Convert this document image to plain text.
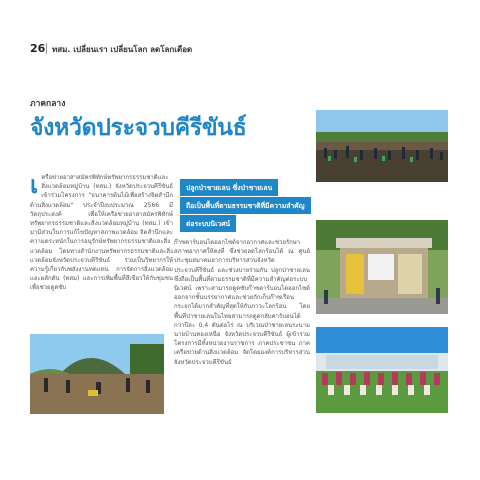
26 ทสม. เปลี่ยนเรา เปลี่ยนโลก ลดโลกเดือด
ภาคกลาง
จังหวัดประจวบคีรีขันธ์
เครือข่ายอาสาสมัครพิทักษ์ทรัพยากรธรรมชาติและสิ่งแวดล้อมหมู่บ้าน (ทสม.) จังหวัดประจวบคีรีขันธ์ เข้าร่วมโครงการ "ธนาคารต้นไม้เพื่อสร้างจิตสำนึกด้านสิ่งแวดล้อม" ประจำปีงบประมาณ 2566 มีวัตถุประสงค์ เพื่อให้เครือข่ายอาสาสมัครพิทักษ์ทรัพยากรธรรมชาติและสิ่งแวดล้อมหมู่บ้าน (ทสม.) เข้ามามีส่วนในการแก้ไขปัญหาสภาพแวดล้อม จิตสำนึกและความตระหนักในการอนุรักษ์ทรัพยากรธรรมชาติและสิ่งแวดล้อม โดยทางสำนักงานทรัพยากรธรรมชาติและสิ่งแวดล้อมจังหวัดประจวบคีรีขันธ์ ร่วมเป็นวิทยากรให้ความรู้เกี่ยวกับพลังงานทดแทน การจัดการสิ่งแวดล้อมและผลักดัน (ทสม) และการเพิ่มพื้นที่สีเขียวให้กับชุมชน เพื่อช่วยดูดซับ
ปลูกป่าชายเลน ซึ่งป่าชายเลน
ถือเป็นพื้นที่ตามธรรมชาติที่มีความสำคัญ
ต่อระบบนิเวศน์
ก๊าซคาร์บอนไดออกไซด์จากอากาศและช่วยรักษาสภาพอากาศให้คงที่ ซึ่งช่วยลดโลกร้อนได้ ณ ศูนย์ประชุมสมาคมอาการบริหารส่วนจังหวัดประจวบคีรีขันธ์ และช่วงบ่ายร่วมกัน ปลูกป่าชายเลน ซึ่งถือเป็นพื้นที่ตามธรรมชาติที่มีความสำคัญต่อระบบนิเวศน์ เพราะสามารถดูดซับก๊าซคาร์บอนไดออกไซด์ออกจากชั้นบรรยากาศและช่วยกักเก็บก๊าซเรือนกระจกได้มากสำคัญที่สุดให้กับภาวะโลกร้อน โดยพื้นที่ป่าชายเลนในไทยสามารถดูดกลับคาร์บอนได้กว่าปีละ 0.4 ตันต่อไร่ ณ บริเวณป่าชายเลนระนามนายบ้านทองเหนือ จังหวัดประจวบคีรีขันธ์ ผู้เข้าร่วมโครงการมีทั้งหน่วยงานราชการ ภาคประชาชน ภาคเครือข่ายด้านสิ่งแวดล้อม จัดโดยองค์การบริหารส่วนจังหวัดประจวบคีรีขันธ์
